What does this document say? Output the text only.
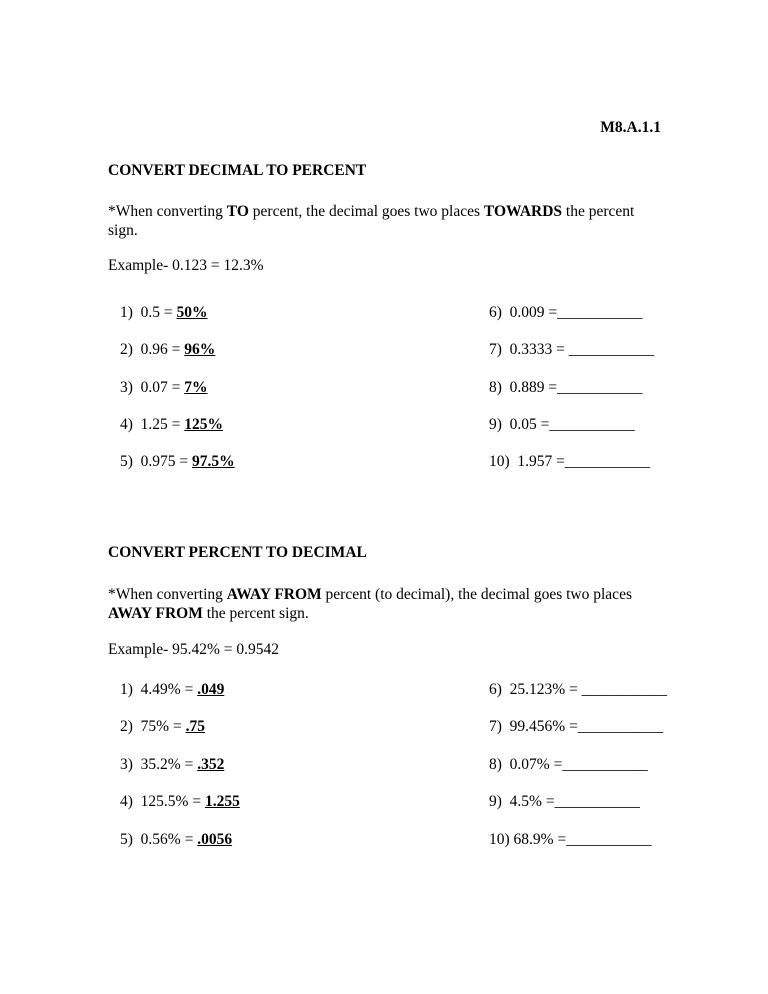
M8.A.1.1
CONVERT DECIMAL TO PERCENT
*When converting TO percent, the decimal goes two places TOWARDS the percent sign.
Example- 0.123 = 12.3%
CONVERT PERCENT TO DECIMAL
*When converting AWAY FROM percent (to decimal), the decimal goes two places AWAY FROM the percent sign.
Example- 95.42% = 0.9542
1)  0.5 = 50%
2)  0.96 = 96%
3)  0.07 = 7%
4)  1.25 = 125%
5)  0.975 = 97.5%
6)  0.009 =___________
7)  0.3333 = ___________
8)  0.889 =___________
9)  0.05 =___________
10)  1.957 =___________
1)  4.49% = .049
2)  75% = .75
3)  35.2% = .352
4)  125.5% = 1.255
5)  0.56% = .0056
6)  25.123% = ___________
7)  99.456% =___________
8)  0.07% =___________
9)  4.5% =___________
10) 68.9% =___________
